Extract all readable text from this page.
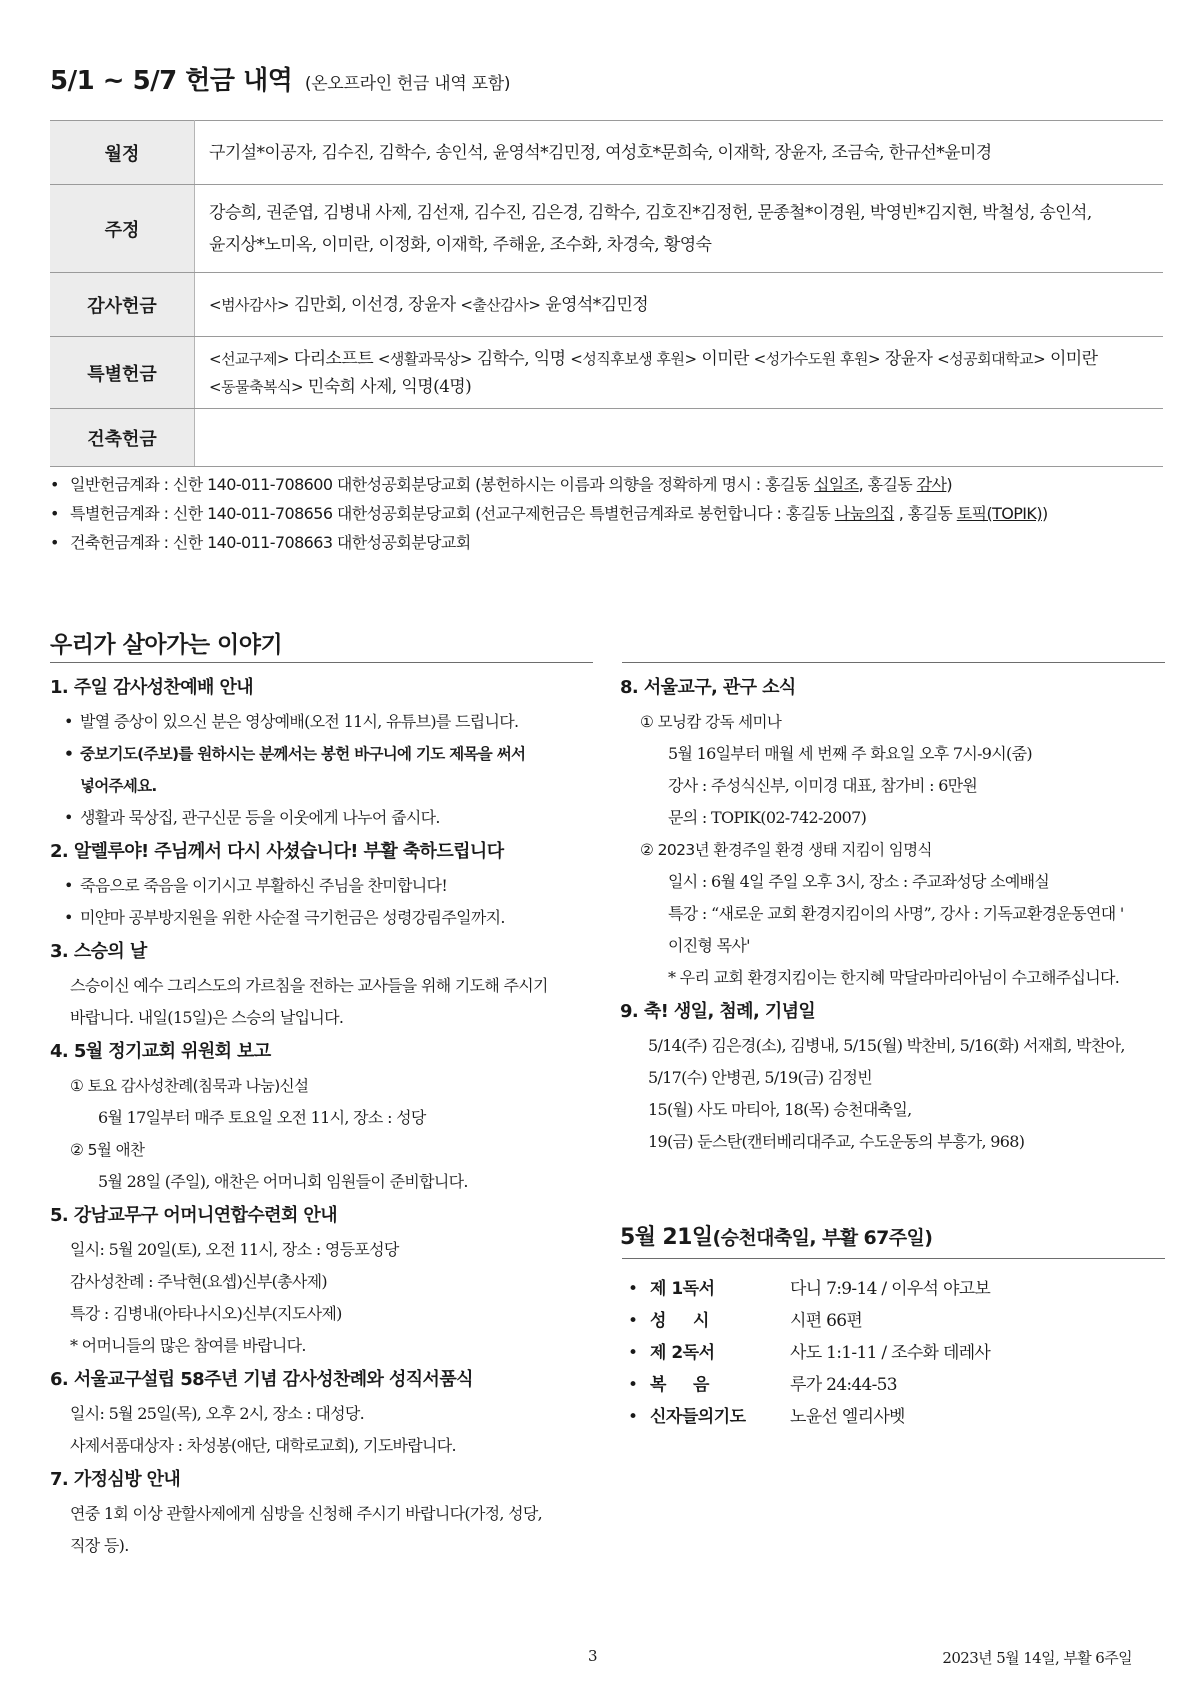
5/1 ~ 5/7 헌금 내역 (온오프라인 헌금 내역 포함)
월정	구기설*이공자, 김수진, 김학수, 송인석, 윤영석*김민정, 여성호*문희숙, 이재학, 장윤자, 조금숙, 한규선*윤미경
주정	강승희, 권준엽, 김병내 사제, 김선재, 김수진, 김은경, 김학수, 김호진*김정헌, 문종철*이경원, 박영빈*김지현, 박철성, 송인석,
윤지상*노미옥, 이미란, 이정화, 이재학, 주해윤, 조수화, 차경숙, 황영숙

감사헌금	<범사감사> 김만회, 이선경, 장윤자 <출산감사> 윤영석*김민정
특별헌금	<선교구제> 다리소프트 <생활과묵상> 김학수, 익명 <성직후보생 후원> 이미란 <성가수도원 후원> 장윤자 <성공회대학교> 이미란
<동물축복식> 민숙희 사제, 익명(4명)

건축헌금	
• 일반헌금계좌 : 신한 140-011-708600 대한성공회분당교회 (봉헌하시는 이름과 의향을 정확하게 명시 : 홍길동 십일조, 홍길동 감사)
• 특별헌금계좌 : 신한 140-011-708656 대한성공회분당교회 (선교구제헌금은 특별헌금계좌로 봉헌합니다 : 홍길동 나눔의집 , 홍길동 토픽(TOPIK))
• 건축헌금계좌 : 신한 140-011-708663 대한성공회분당교회
우리가 살아가는 이야기
1. 주일 감사성찬예배 안내
• 발열 증상이 있으신 분은 영상예배(오전 11시, 유튜브)를 드립니다.
• 중보기도(주보)를 원하시는 분께서는 봉헌 바구니에 기도 제목을 써서
넣어주세요.
• 생활과 묵상집, 관구신문 등을 이웃에게 나누어 줍시다.
2. 알렐루야! 주님께서 다시 사셨습니다! 부활 축하드립니다
• 죽음으로 죽음을 이기시고 부활하신 주님을 찬미합니다!
• 미얀마 공부방지원을 위한 사순절 극기헌금은 성령강림주일까지.
3. 스승의 날
스승이신 예수 그리스도의 가르침을 전하는 교사들을 위해 기도해 주시기
바랍니다. 내일(15일)은 스승의 날입니다.
4. 5월 정기교회 위원회 보고
① 토요 감사성찬례(침묵과 나눔)신설
6월 17일부터 매주 토요일 오전 11시, 장소 : 성당
② 5월 애찬
5월 28일 (주일), 애찬은 어머니회 임원들이 준비합니다.
5. 강남교무구 어머니연합수련회 안내
일시: 5월 20일(토), 오전 11시, 장소 : 영등포성당
감사성찬례 : 주낙현(요셉)신부(총사제)
특강 : 김병내(아타나시오)신부(지도사제)
* 어머니들의 많은 참여를 바랍니다.
6. 서울교구설립 58주년 기념 감사성찬례와 성직서품식
일시: 5월 25일(목), 오후 2시, 장소 : 대성당.
사제서품대상자 : 차성봉(애단, 대학로교회), 기도바랍니다.
7. 가정심방 안내
연중 1회 이상 관할사제에게 심방을 신청해 주시기 바랍니다(가정, 성당,
직장 등).
8. 서울교구, 관구 소식
① 모닝캄 강독 세미나
5월 16일부터 매월 세 번째 주 화요일 오후 7시-9시(줌)
강사 : 주성식신부, 이미경 대표, 참가비 : 6만원
문의 : TOPIK(02-742-2007)
② 2023년 환경주일 환경 생태 지킴이 임명식
일시 : 6월 4일 주일 오후 3시, 장소 : 주교좌성당 소예배실
특강 : “새로운 교회 환경지킴이의 사명”, 강사 : 기독교환경운동연대 '
이진형 목사'
* 우리 교회 환경지킴이는 한지혜 막달라마리아님이 수고해주십니다.
9. 축! 생일, 첨례, 기념일
5/14(주) 김은경(소), 김병내, 5/15(월) 박찬비, 5/16(화) 서재희, 박찬아,
5/17(수) 안병권, 5/19(금) 김정빈
15(월) 사도 마티아, 18(목) 승천대축일,
19(금) 둔스탄(캔터베리대주교, 수도운동의 부흥가, 968)
5월 21일(승천대축일, 부활 67주일)
• 제 1독서	다니 7:9-14 / 이우석 야고보
• 성     시	시편 66편
• 제 2독서	사도 1:1-11 / 조수화 데레사
• 복     음	루가 24:44-53
• 신자들의기도	노윤선 엘리사벳
3	2023년 5월 14일, 부활 6주일
